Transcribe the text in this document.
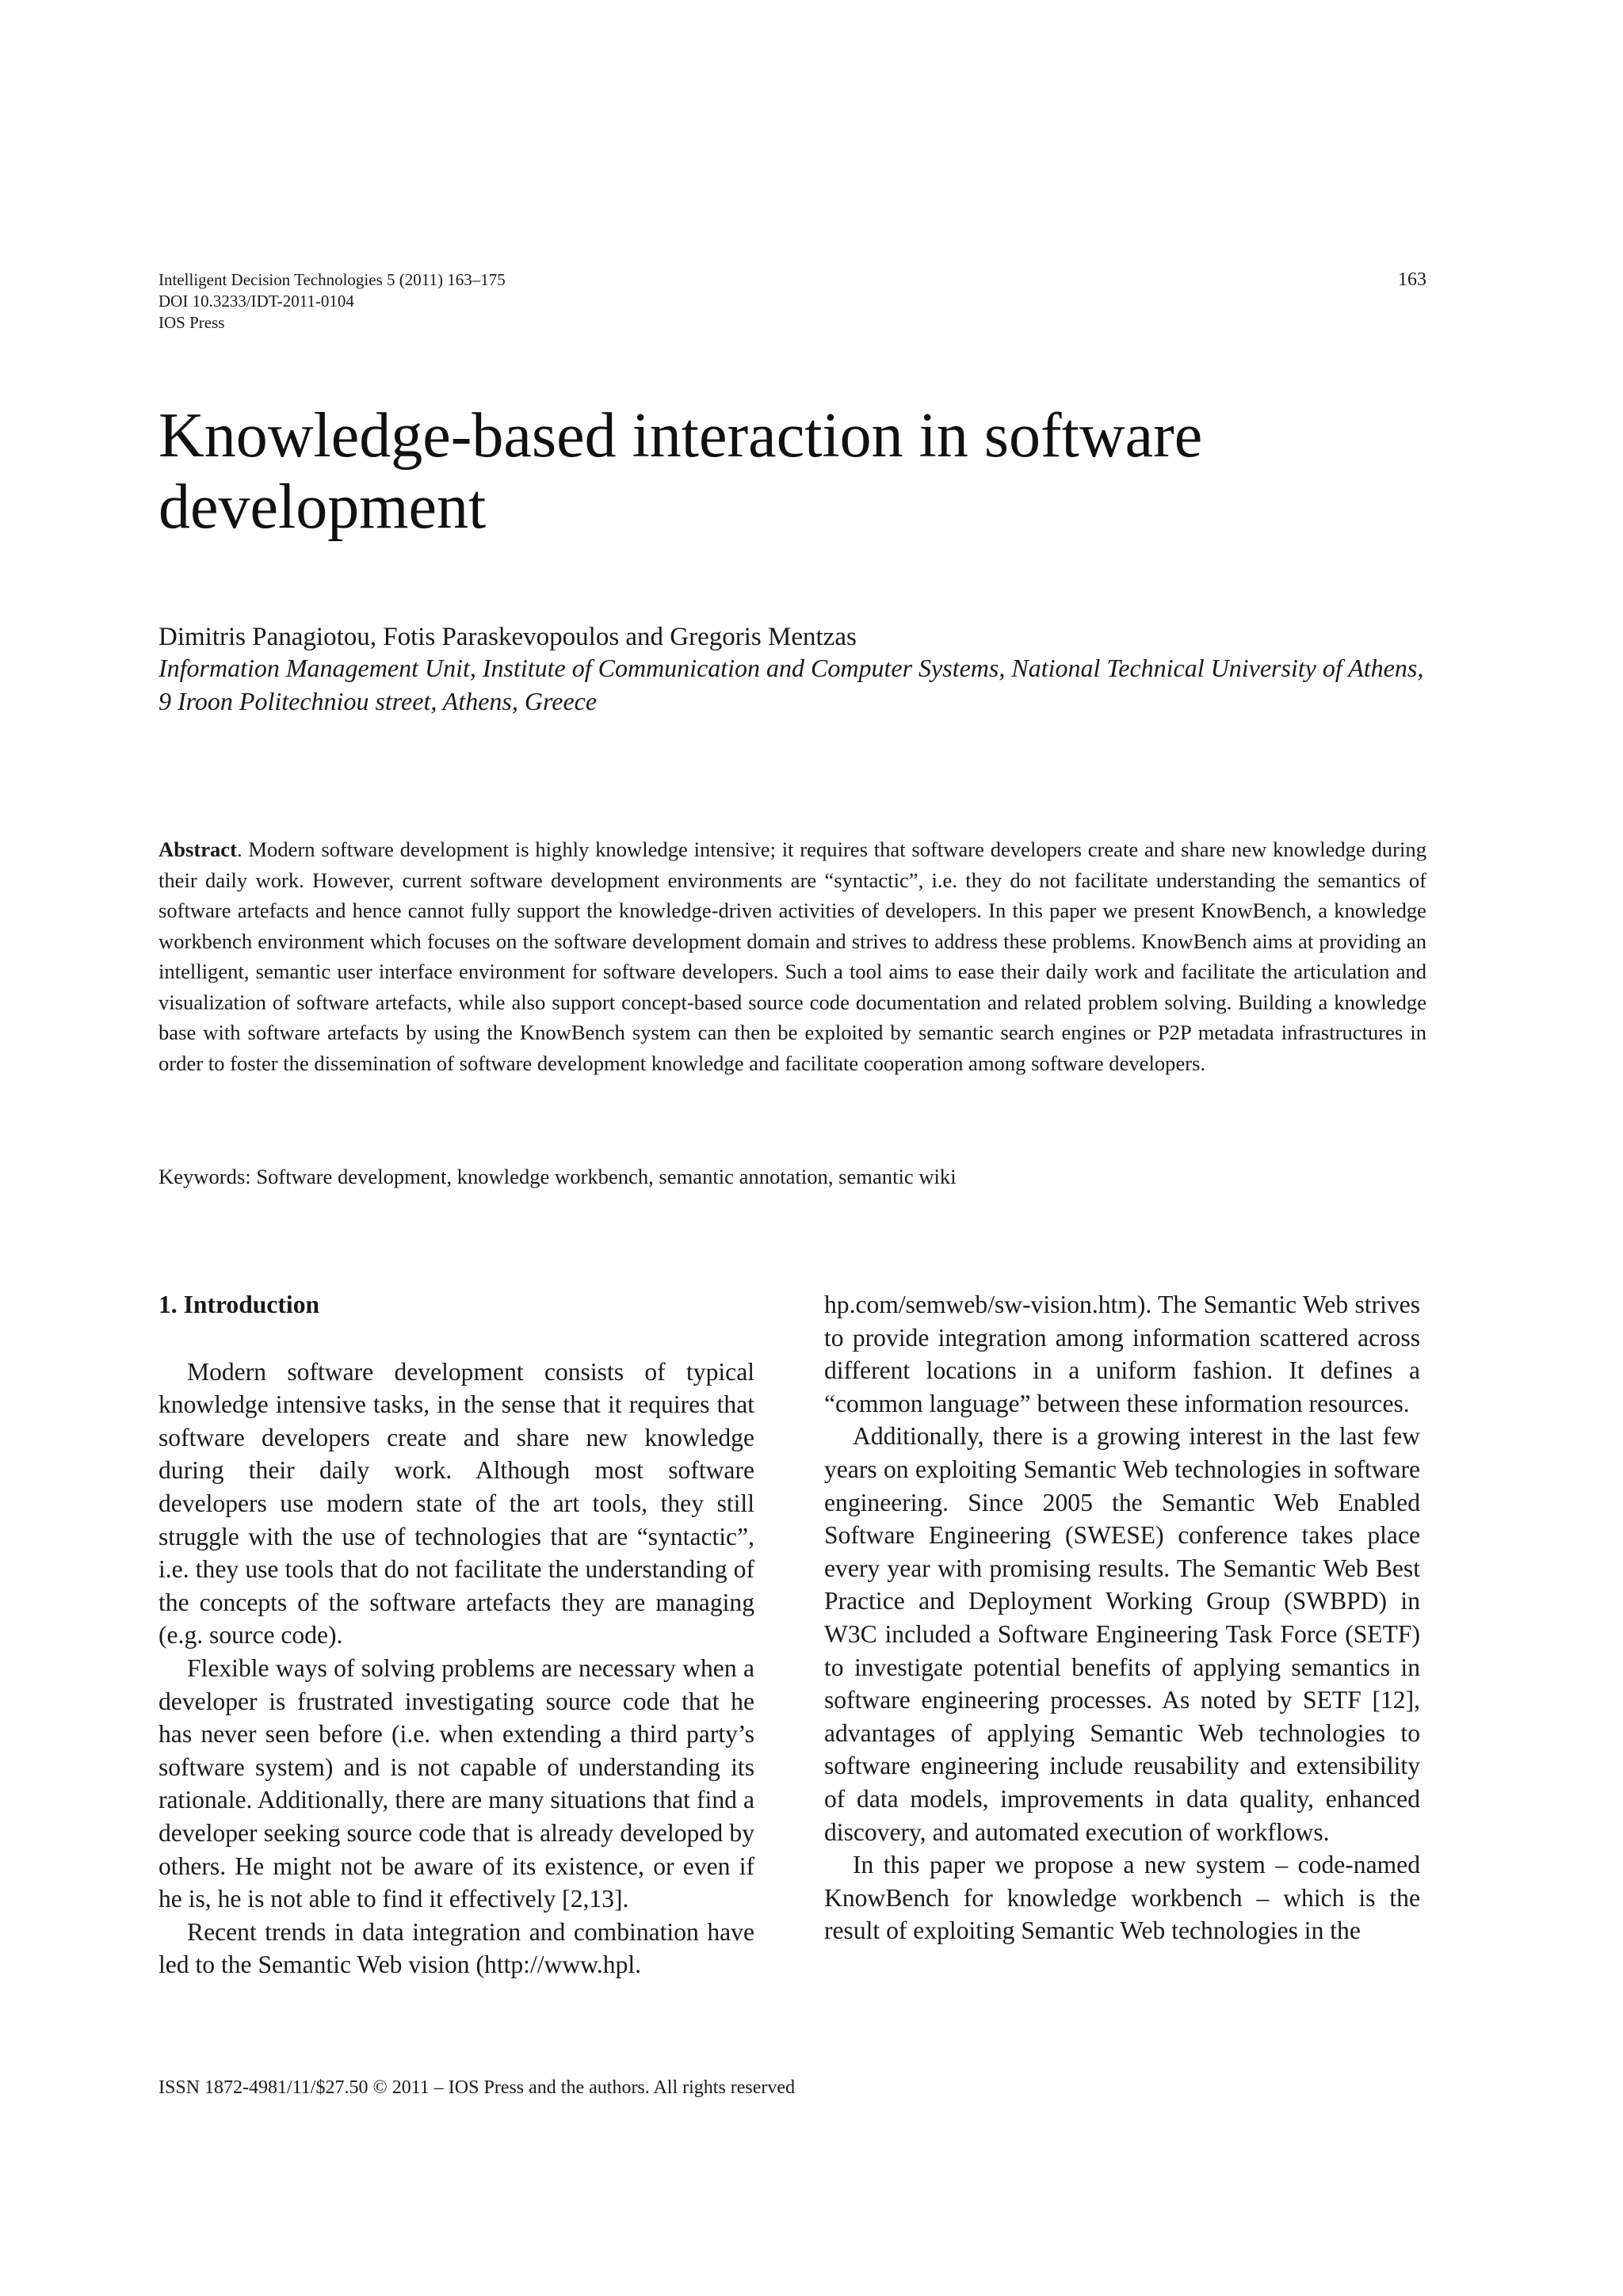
Intelligent Decision Technologies 5 (2011) 163–175
DOI 10.3233/IDT-2011-0104
IOS Press
163
Knowledge-based interaction in software development
Dimitris Panagiotou, Fotis Paraskevopoulos and Gregoris Mentzas
Information Management Unit, Institute of Communication and Computer Systems, National Technical University of Athens, 9 Iroon Politechniou street, Athens, Greece

Abstract. Modern software development is highly knowledge intensive; it requires that software developers create and share new knowledge during their daily work. However, current software development environments are “syntactic”, i.e. they do not facilitate understanding the semantics of software artefacts and hence cannot fully support the knowledge-driven activities of developers. In this paper we present KnowBench, a knowledge workbench environment which focuses on the software development domain and strives to address these problems. KnowBench aims at providing an intelligent, semantic user interface environment for software developers. Such a tool aims to ease their daily work and facilitate the articulation and visualization of software artefacts, while also support concept-based source code documentation and related problem solving. Building a knowledge base with software artefacts by using the KnowBench system can then be exploited by semantic search engines or P2P metadata infrastructures in order to foster the dissemination of software development knowledge and facilitate cooperation among software developers.

Keywords: Software development, knowledge workbench, semantic annotation, semantic wiki

1. Introduction

Modern software development consists of typical knowledge intensive tasks, in the sense that it requires that software developers create and share new knowledge during their daily work. Although most software developers use modern state of the art tools, they still struggle with the use of technologies that are “syntactic”, i.e. they use tools that do not facilitate the understanding of the concepts of the software artefacts they are managing (e.g. source code).

Flexible ways of solving problems are necessary when a developer is frustrated investigating source code that he has never seen before (i.e. when extending a third party’s software system) and is not capable of understanding its rationale. Additionally, there are many situations that find a developer seeking source code that is already developed by others. He might not be aware of its existence, or even if he is, he is not able to find it effectively [2,13].

Recent trends in data integration and combination have led to the Semantic Web vision (http://www.hpl.

hp.com/semweb/sw-vision.htm). The Semantic Web strives to provide integration among information scattered across different locations in a uniform fashion. It defines a “common language” between these information resources.

Additionally, there is a growing interest in the last few years on exploiting Semantic Web technologies in software engineering. Since 2005 the Semantic Web Enabled Software Engineering (SWESE) conference takes place every year with promising results. The Semantic Web Best Practice and Deployment Working Group (SWBPD) in W3C included a Software Engineering Task Force (SETF) to investigate potential benefits of applying semantics in software engineering processes. As noted by SETF [12], advantages of applying Semantic Web technologies to software engineering include reusability and extensibility of data models, improvements in data quality, enhanced discovery, and automated execution of workflows.

In this paper we propose a new system – code-named KnowBench for knowledge workbench – which is the result of exploiting Semantic Web technologies in the

ISSN 1872-4981/11/$27.50 © 2011 – IOS Press and the authors. All rights reserved
